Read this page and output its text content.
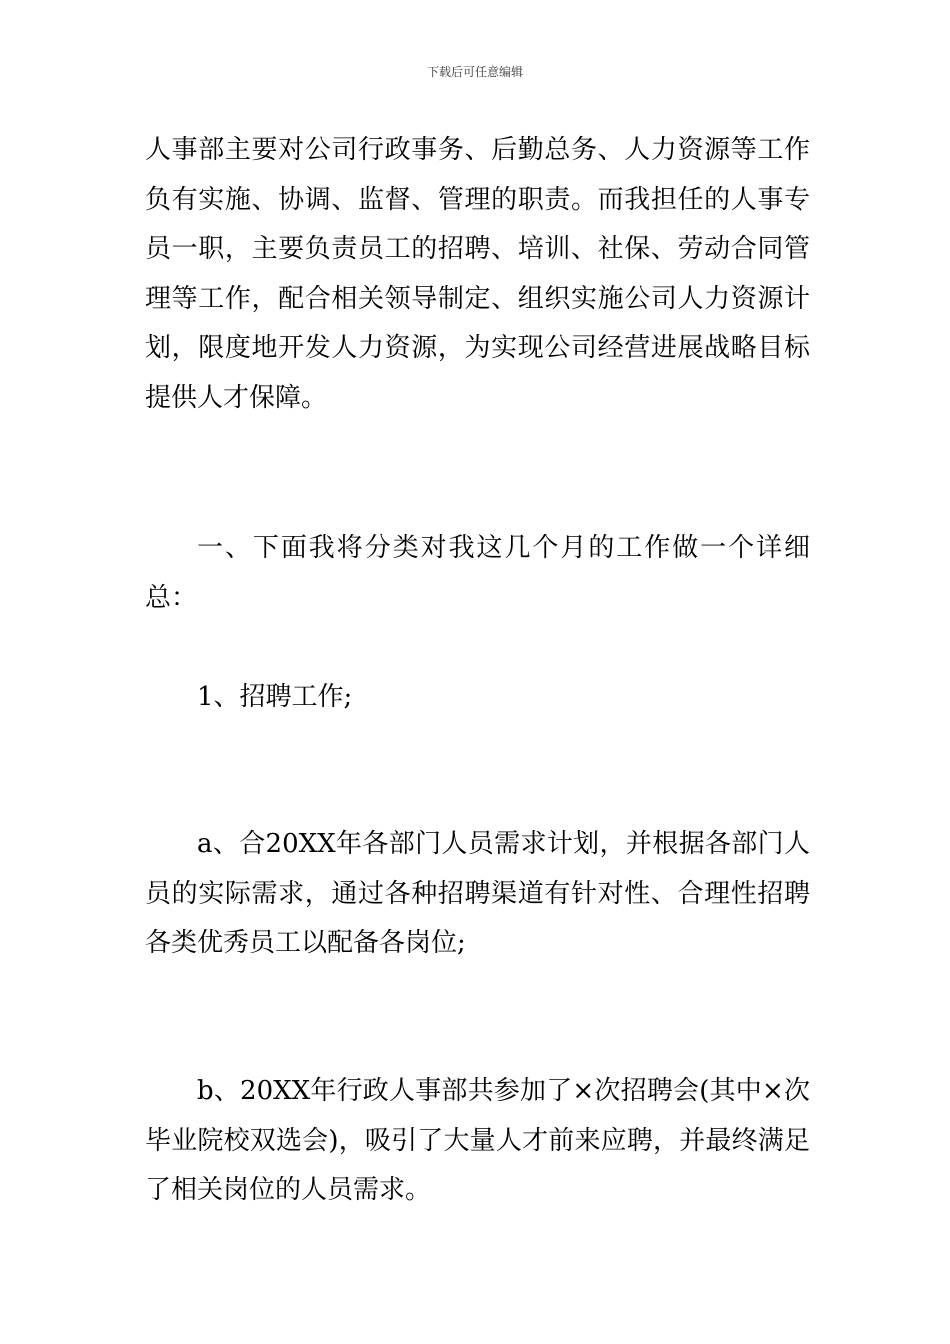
下载后可任意编辑

人事部主要对公司行政事务、后勤总务、人力资源等工作负有实施、协调、监督、管理的职责。而我担任的人事专员一职，主要负责员工的招聘、培训、社保、劳动合同管理等工作，配合相关领导制定、组织实施公司人力资源计划，限度地开发人力资源，为实现公司经营进展战略目标提供人才保障。

一、下面我将分类对我这几个月的工作做一个详细总：

1、招聘工作;

a、合20XX年各部门人员需求计划，并根据各部门人员的实际需求，通过各种招聘渠道有针对性、合理性招聘各类优秀员工以配备各岗位;

b、20XX年行政人事部共参加了×次招聘会(其中×次毕业院校双选会)，吸引了大量人才前来应聘，并最终满足了相关岗位的人员需求。
